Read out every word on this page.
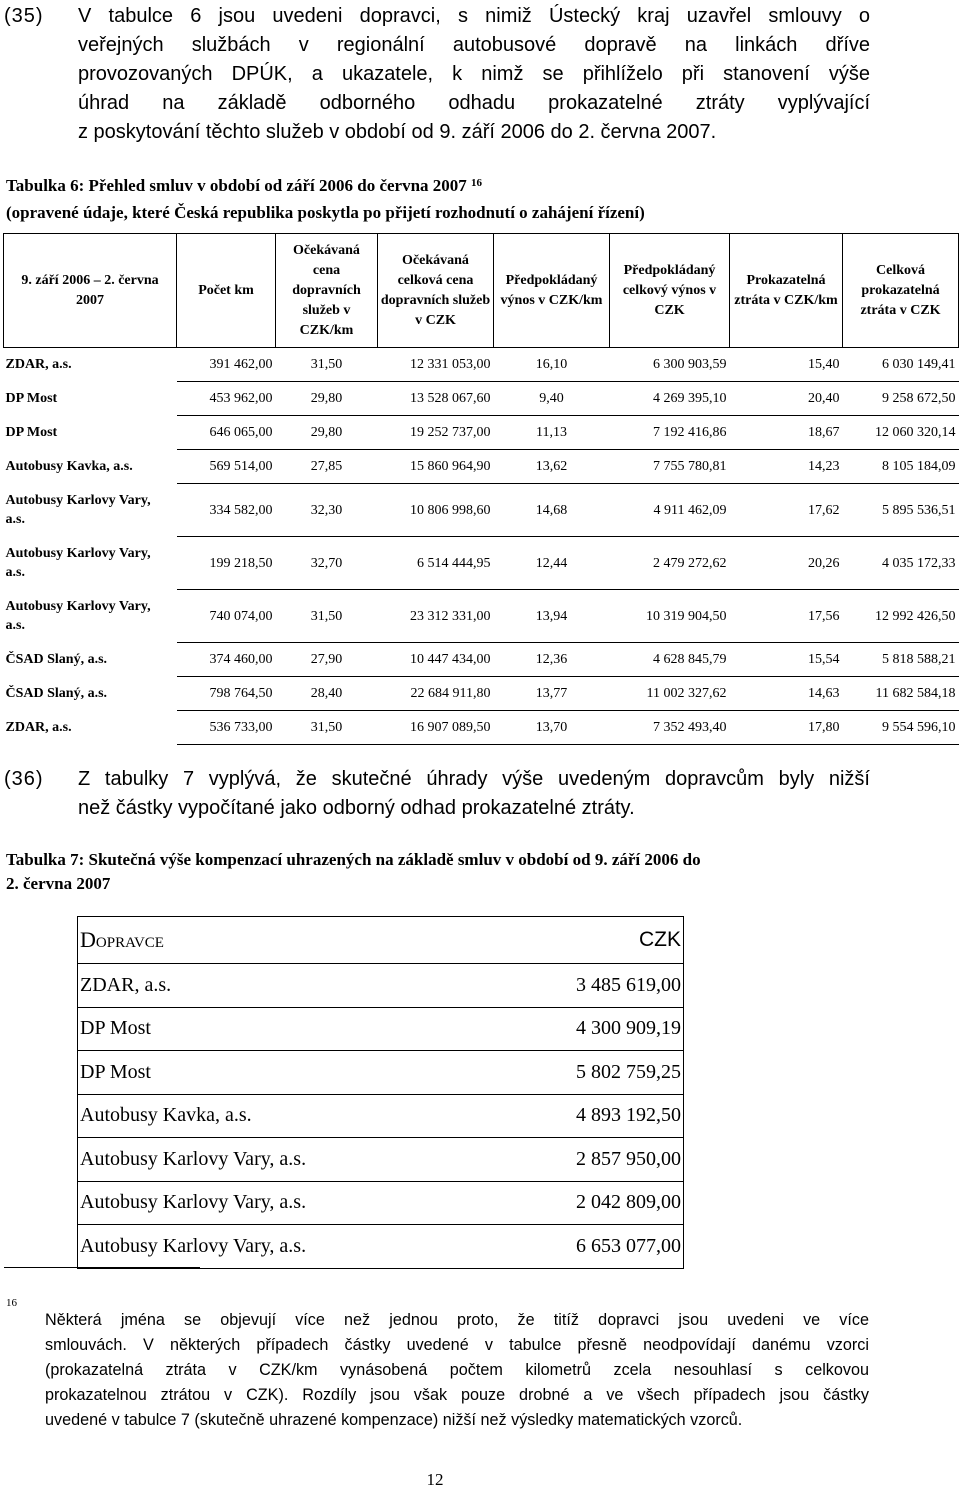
(35) V tabulce 6 jsou uvedeni dopravci, s nimiž Ústecký kraj uzavřel smlouvy o
veřejných službách v regionální autobusové dopravě na linkách dříve
provozovaných DPÚK, a ukazatele, k nimž se přihlíželo při stanovení výše
úhrad na základě odborného odhadu prokazatelné ztráty vyplývající
z poskytování těchto služeb v období od 9. září 2006 do 2. června 2007.
Tabulka 6: Přehled smluv v období od září 2006 do června 2007 $^{16}$
(opravené údaje, které Česká republika poskytla po přijetí rozhodnutí o zahájení řízení)
9. září 2006 – 2. června 2007	Počet km	Očekávaná cena dopravních služeb v CZK/km	Očekávaná celková cena dopravních služeb v CZK	Předpokládaný výnos v CZK/km	Předpokládaný celkový výnos v CZK	Prokazatelná ztráta v CZK/km	Celková prokazatelná ztráta v CZK
ZDAR, a.s.	391 462,00	31,50	12 331 053,00	16,10	6 300 903,59	15,40	6 030 149,41
DP Most	453 962,00	29,80	13 528 067,60	9,40	4 269 395,10	20,40	9 258 672,50
DP Most	646 065,00	29,80	19 252 737,00	11,13	7 192 416,86	18,67	12 060 320,14
Autobusy Kavka, a.s.	569 514,00	27,85	15 860 964,90	13,62	7 755 780,81	14,23	8 105 184,09
Autobusy Karlovy Vary, a.s.	334 582,00	32,30	10 806 998,60	14,68	4 911 462,09	17,62	5 895 536,51
Autobusy Karlovy Vary, a.s.	199 218,50	32,70	6 514 444,95	12,44	2 479 272,62	20,26	4 035 172,33
Autobusy Karlovy Vary, a.s.	740 074,00	31,50	23 312 331,00	13,94	10 319 904,50	17,56	12 992 426,50
ČSAD Slaný, a.s.	374 460,00	27,90	10 447 434,00	12,36	4 628 845,79	15,54	5 818 588,21
ČSAD Slaný, a.s.	798 764,50	28,40	22 684 911,80	13,77	11 002 327,62	14,63	11 682 584,18
ZDAR, a.s.	536 733,00	31,50	16 907 089,50	13,70	7 352 493,40	17,80	9 554 596,10
(36) Z tabulky 7 vyplývá, že skutečné úhrady výše uvedeným dopravcům byly nižší
než částky vypočítané jako odborný odhad prokazatelné ztráty.
Tabulka 7: Skutečná výše kompenzací uhrazených na základě smluv v období od 9. září 2006 do
2. června 2007
Dopravce	CZK
ZDAR, a.s.	3 485 619,00
DP Most	4 300 909,19
DP Most	5 802 759,25
Autobusy Kavka, a.s.	4 893 192,50
Autobusy Karlovy Vary, a.s.	2 857 950,00
Autobusy Karlovy Vary, a.s.	2 042 809,00
Autobusy Karlovy Vary, a.s.	6 653 077,00
16
Některá jména se objevují více než jednou proto, že titíž dopravci jsou uvedeni ve více
smlouvách. V některých případech částky uvedené v tabulce přesně neodpovídají danému vzorci
(prokazatelná ztráta v CZK/km vynásobená počtem kilometrů zcela nesouhlasí s celkovou
prokazatelnou ztrátou v CZK). Rozdíly jsou však pouze drobné a ve všech případech jsou částky
uvedené v tabulce 7 (skutečně uhrazené kompenzace) nižší než výsledky matematických vzorců.
12
